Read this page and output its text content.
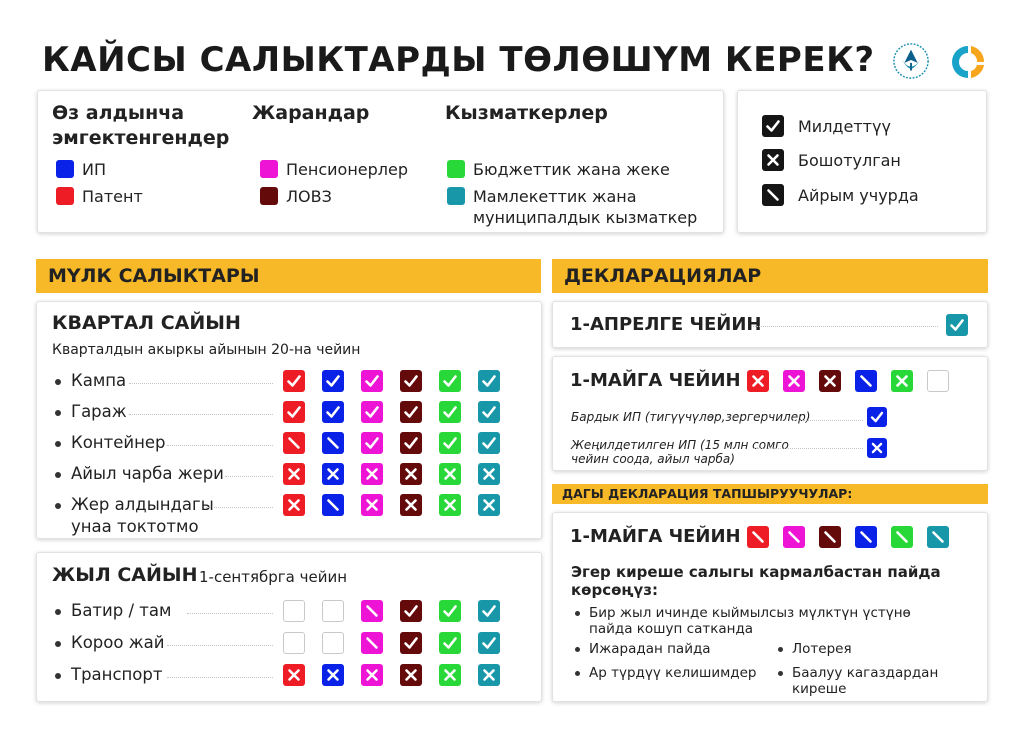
КАЙСЫ САЛЫКТАРДЫ ТӨЛӨШҮМ КЕРЕК?
Өз алдынча
эмгектенгендер
Жарандар	Кызматкерлер
ИП
Патент
Пенсионерлер
ЛОВЗ
Бюджеттик жана жеке
Мамлекеттик жана
муниципалдык кызматкер
Милдеттүү
Бошотулган
Айрым учурда
МҮЛК САЛЫКТАРЫ
КВАРТАЛ САЙЫН
Кварталдын акыркы айынын 20-на чейин
Кампа
Гараж
Контейнер
Айыл чарба жери
Жер алдындагы
унаа токтотмо
ЖЫЛ САЙЫН 1-сентябрга чейин
Батир / там
Короо жай
Транспорт
ДЕКЛАРАЦИЯЛАР
1-АПРЕЛГЕ ЧЕЙИН
1-МАЙГА ЧЕЙИН
Бардык ИП (тигүүчүлөр,зергерчилер)
Жеңилдетилген ИП (15 млн сомго
чейин соода, айыл чарба)
ДАГЫ ДЕКЛАРАЦИЯ ТАПШЫРУУЧУЛАР:
1-МАЙГА ЧЕЙИН
Эгер киреше салыгы кармалбастан пайда
көрсөңүз:
Бир жыл ичинде кыймылсыз мүлктүн үстүнө
пайда кошуп сатканда
Ижарадан пайда	Лотерея
Ар түрдүү келишимдер	Баалуу кагаздардан
киреше
